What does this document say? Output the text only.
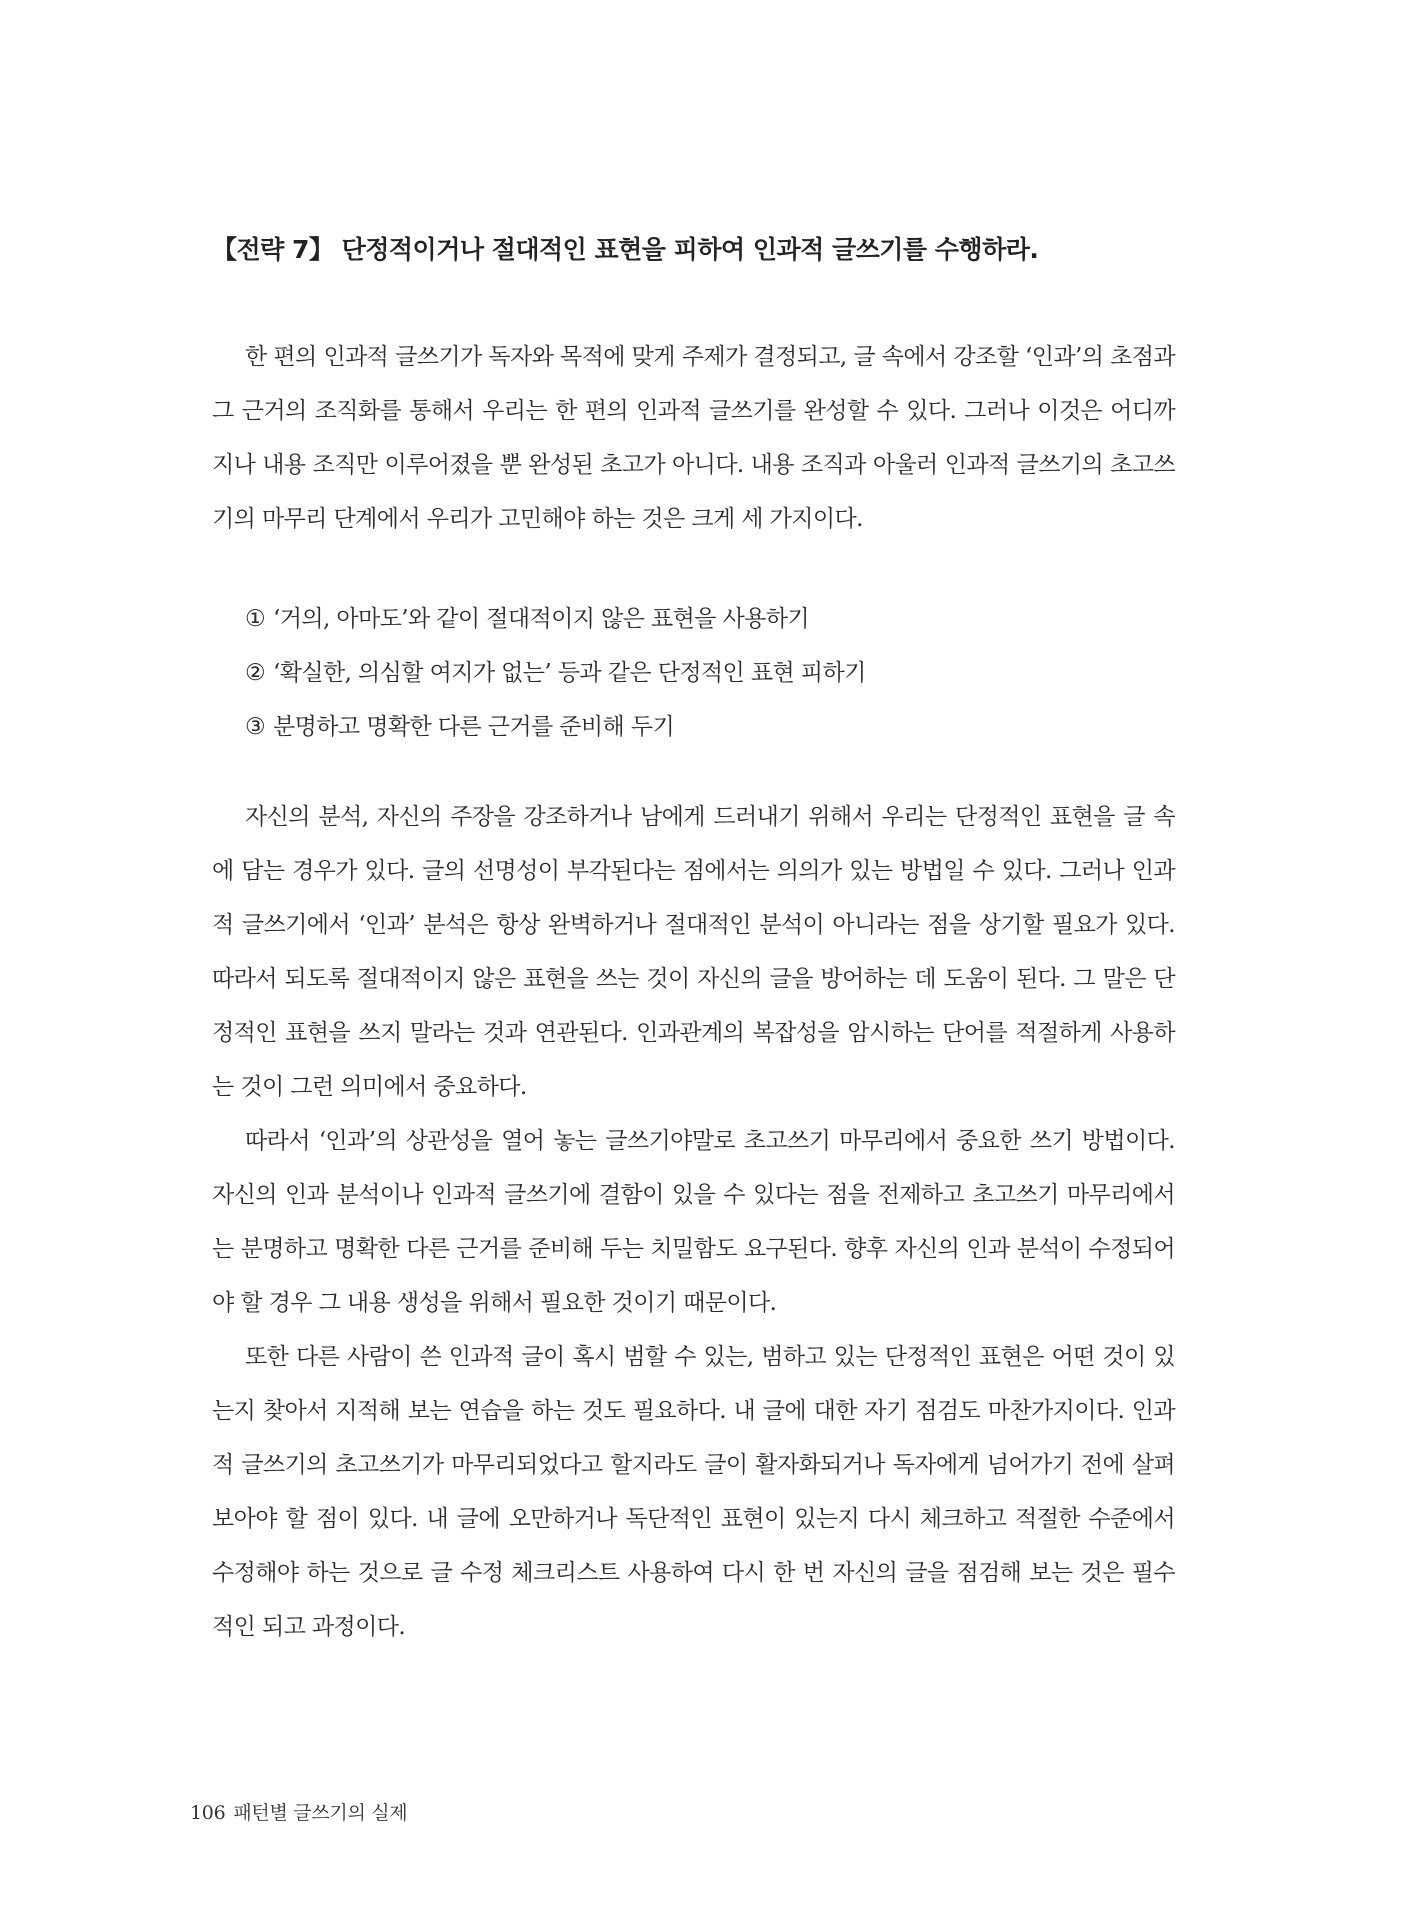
【전략 7】 단정적이거나 절대적인 표현을 피하여 인과적 글쓰기를 수행하라.

한 편의 인과적 글쓰기가 독자와 목적에 맞게 주제가 결정되고, 글 속에서 강조할 ‘인과’의 초점과 그 근거의 조직화를 통해서 우리는 한 편의 인과적 글쓰기를 완성할 수 있다. 그러나 이것은 어디까지나 내용 조직만 이루어졌을 뿐 완성된 초고가 아니다. 내용 조직과 아울러 인과적 글쓰기의 초고쓰기의 마무리 단계에서 우리가 고민해야 하는 것은 크게 세 가지이다.

① ‘거의, 아마도’와 같이 절대적이지 않은 표현을 사용하기
② ‘확실한, 의심할 여지가 없는’ 등과 같은 단정적인 표현 피하기
③ 분명하고 명확한 다른 근거를 준비해 두기

자신의 분석, 자신의 주장을 강조하거나 남에게 드러내기 위해서 우리는 단정적인 표현을 글 속에 담는 경우가 있다. 글의 선명성이 부각된다는 점에서는 의의가 있는 방법일 수 있다. 그러나 인과적 글쓰기에서 ‘인과’ 분석은 항상 완벽하거나 절대적인 분석이 아니라는 점을 상기할 필요가 있다. 따라서 되도록 절대적이지 않은 표현을 쓰는 것이 자신의 글을 방어하는 데 도움이 된다. 그 말은 단정적인 표현을 쓰지 말라는 것과 연관된다. 인과관계의 복잡성을 암시하는 단어를 적절하게 사용하는 것이 그런 의미에서 중요하다.

따라서 ‘인과’의 상관성을 열어 놓는 글쓰기야말로 초고쓰기 마무리에서 중요한 쓰기 방법이다. 자신의 인과 분석이나 인과적 글쓰기에 결함이 있을 수 있다는 점을 전제하고 초고쓰기 마무리에서는 분명하고 명확한 다른 근거를 준비해 두는 치밀함도 요구된다. 향후 자신의 인과 분석이 수정되어야 할 경우 그 내용 생성을 위해서 필요한 것이기 때문이다.

또한 다른 사람이 쓴 인과적 글이 혹시 범할 수 있는, 범하고 있는 단정적인 표현은 어떤 것이 있는지 찾아서 지적해 보는 연습을 하는 것도 필요하다. 내 글에 대한 자기 점검도 마찬가지이다. 인과적 글쓰기의 초고쓰기가 마무리되었다고 할지라도 글이 활자화되거나 독자에게 넘어가기 전에 살펴보아야 할 점이 있다. 내 글에 오만하거나 독단적인 표현이 있는지 다시 체크하고 적절한 수준에서 수정해야 하는 것으로 글 수정 체크리스트 사용하여 다시 한 번 자신의 글을 점검해 보는 것은 필수적인 되고 과정이다.

106 패턴별 글쓰기의 실제
